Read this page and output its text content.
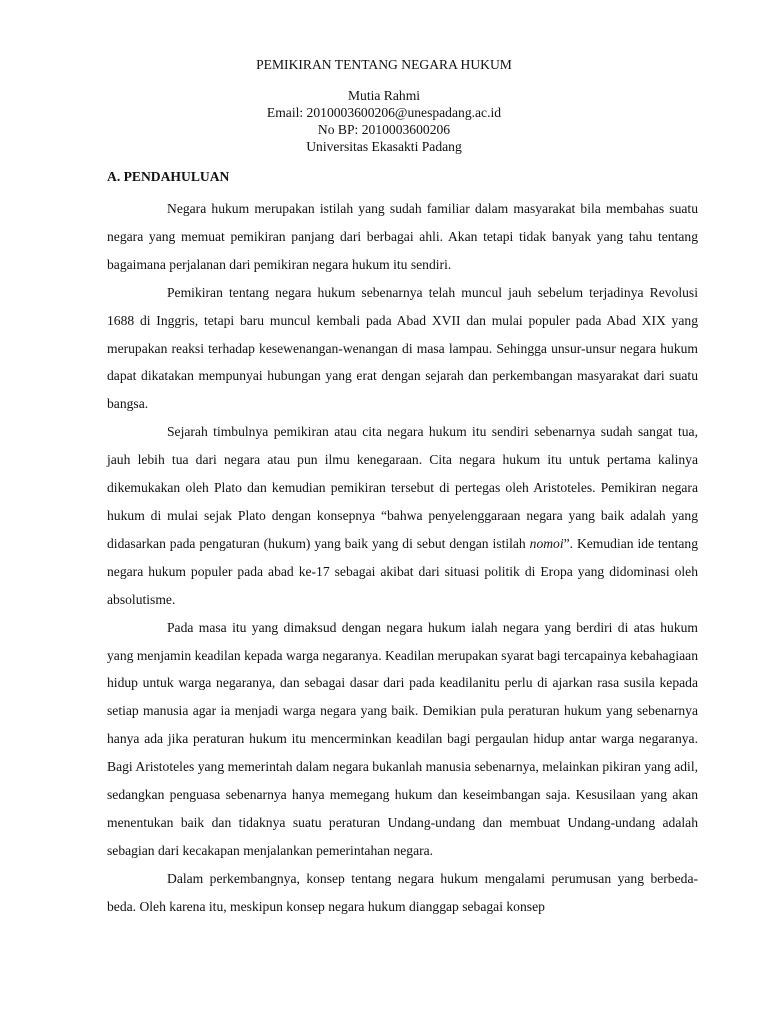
PEMIKIRAN TENTANG NEGARA HUKUM
Mutia Rahmi
Email: 2010003600206@unespadang.ac.id
No BP: 2010003600206
Universitas Ekasakti Padang
A. PENDAHULUAN

Negara hukum merupakan istilah yang sudah familiar dalam masyarakat bila membahas suatu negara yang memuat pemikiran panjang dari berbagai ahli. Akan tetapi tidak banyak yang tahu tentang bagaimana perjalanan dari pemikiran negara hukum itu sendiri.

Pemikiran tentang negara hukum sebenarnya telah muncul jauh sebelum terjadinya Revolusi 1688 di Inggris, tetapi baru muncul kembali pada Abad XVII dan mulai populer pada Abad XIX yang merupakan reaksi terhadap kesewenangan-wenangan di masa lampau. Sehingga unsur-unsur negara hukum dapat dikatakan mempunyai hubungan yang erat dengan sejarah dan perkembangan masyarakat dari suatu bangsa.

Sejarah timbulnya pemikiran atau cita negara hukum itu sendiri sebenarnya sudah sangat tua, jauh lebih tua dari negara atau pun ilmu kenegaraan. Cita negara hukum itu untuk pertama kalinya dikemukakan oleh Plato dan kemudian pemikiran tersebut di pertegas oleh Aristoteles. Pemikiran negara hukum di mulai sejak Plato dengan konsepnya “bahwa penyelenggaraan negara yang baik adalah yang didasarkan pada pengaturan (hukum) yang baik yang di sebut dengan istilah nomoi”. Kemudian ide tentang negara hukum populer pada abad ke-17 sebagai akibat dari situasi politik di Eropa yang didominasi oleh absolutisme.

Pada masa itu yang dimaksud dengan negara hukum ialah negara yang berdiri di atas hukum yang menjamin keadilan kepada warga negaranya. Keadilan merupakan syarat bagi tercapainya kebahagiaan hidup untuk warga negaranya, dan sebagai dasar dari pada keadilanitu perlu di ajarkan rasa susila kepada setiap manusia agar ia menjadi warga negara yang baik. Demikian pula peraturan hukum yang sebenarnya hanya ada jika peraturan hukum itu mencerminkan keadilan bagi pergaulan hidup antar warga negaranya. Bagi Aristoteles yang memerintah dalam negara bukanlah manusia sebenarnya, melainkan pikiran yang adil, sedangkan penguasa sebenarnya hanya memegang hukum dan keseimbangan saja. Kesusilaan yang akan menentukan baik dan tidaknya suatu peraturan Undang-undang dan membuat Undang-undang adalah sebagian dari kecakapan menjalankan pemerintahan negara.

Dalam perkembangnya, konsep tentang negara hukum mengalami perumusan yang berbeda-beda. Oleh karena itu, meskipun konsep negara hukum dianggap sebagai konsep
